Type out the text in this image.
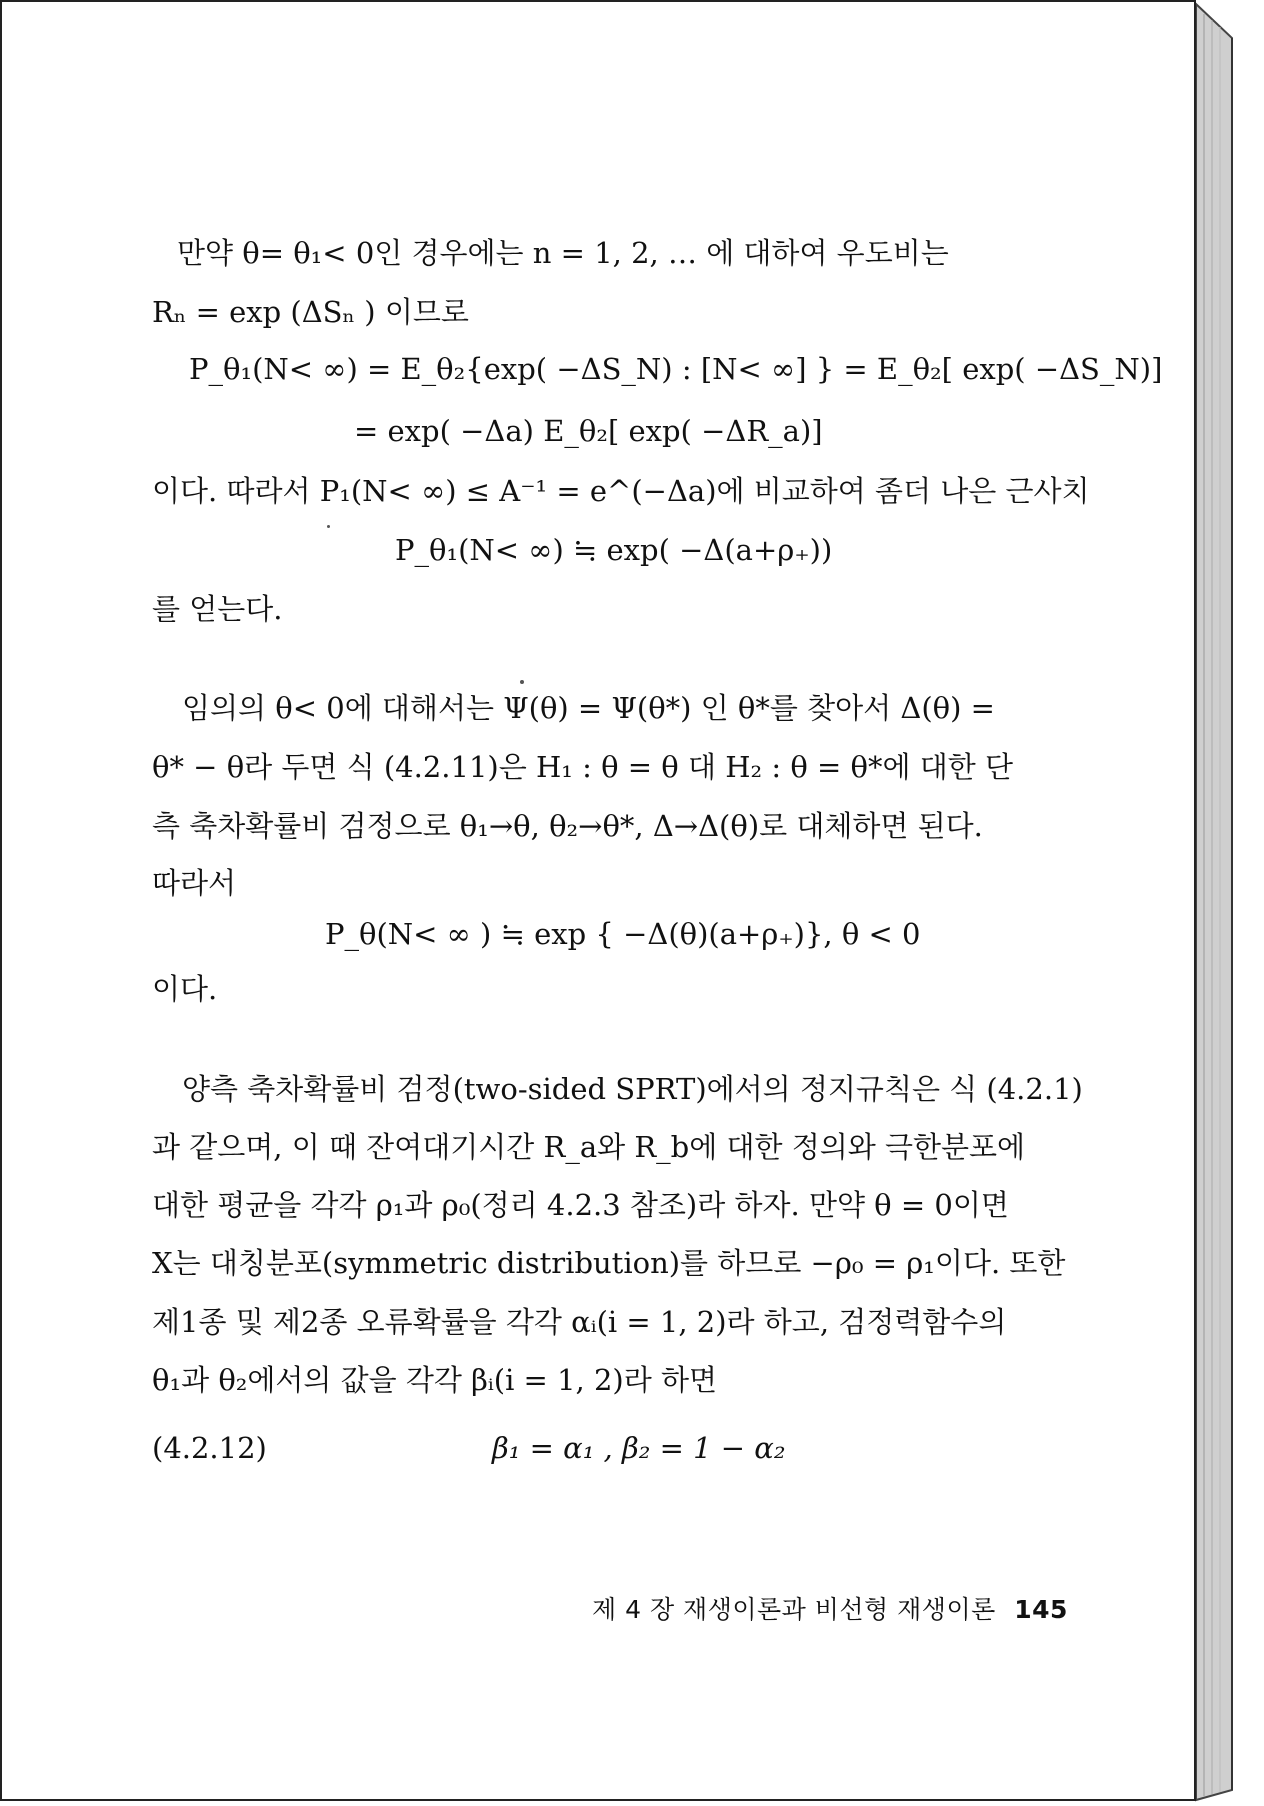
만약 θ= θ₁< 0인 경우에는 n = 1, 2, … 에 대하여 우도비는
Rₙ = exp (ΔSₙ ) 이므로
P_θ₁(N< ∞) = E_θ₂{exp( −ΔS_N) : [N< ∞] } = E_θ₂[ exp( −ΔS_N)]
= exp( −Δa) E_θ₂[ exp( −ΔR_a)]
이다. 따라서 P₁(N< ∞) ≤ A⁻¹ = e^(−Δa)에 비교하여 좀더 나은 근사치
P_θ₁(N< ∞) ≒ exp( −Δ(a+ρ₊))
를 얻는다.
임의의 θ< 0에 대해서는 Ψ(θ) = Ψ(θ*) 인 θ*를 찾아서 Δ(θ) =
θ* − θ라 두면 식 (4.2.11)은 H₁ : θ = θ 대 H₂ : θ = θ*에 대한 단
측 축차확률비 검정으로 θ₁→θ, θ₂→θ*, Δ→Δ(θ)로 대체하면 된다.
따라서
P_θ(N< ∞ ) ≒ exp { −Δ(θ)(a+ρ₊)}, θ < 0
이다.
양측 축차확률비 검정(two-sided SPRT)에서의 정지규칙은 식 (4.2.1)
과 같으며, 이 때 잔여대기시간 R_a와 R_b에 대한 정의와 극한분포에
대한 평균을 각각 ρ₁과 ρ₀(정리 4.2.3 참조)라 하자. 만약 θ = 0이면
X는 대칭분포(symmetric distribution)를 하므로 −ρ₀ = ρ₁이다. 또한
제1종 및 제2종 오류확률을 각각 αᵢ(i = 1, 2)라 하고, 검정력함수의
θ₁과 θ₂에서의 값을 각각 βᵢ(i = 1, 2)라 하면
(4.2.12)	β₁ = α₁ , β₂ = 1 − α₂
제 4 장 재생이론과 비선형 재생이론 145
